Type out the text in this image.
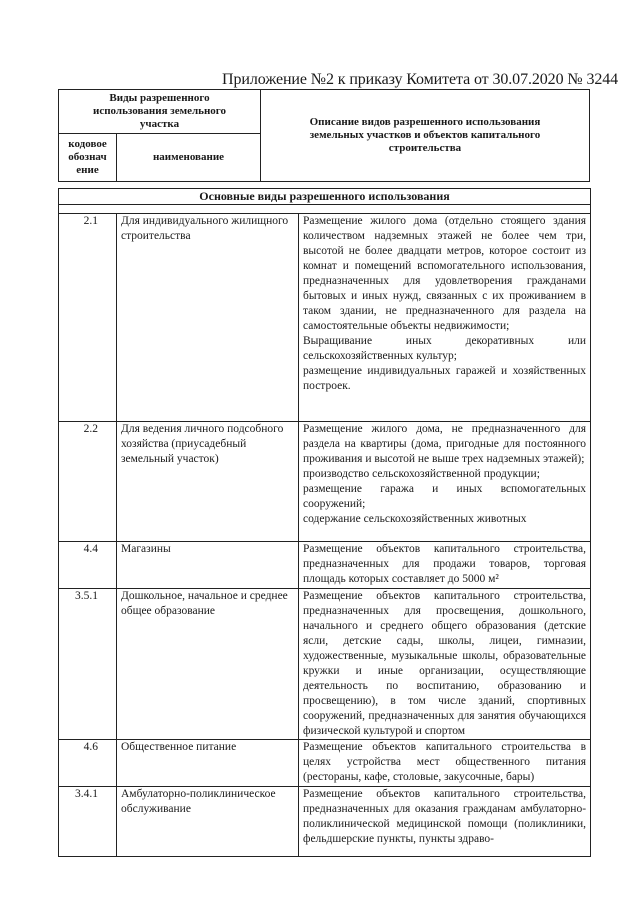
Приложение №2 к приказу Комитета от 30.07.2020 № 3244
Виды разрешенного использования земельного участка		Описание видов разрешенного использования земельных участков и объектов капитального строительства
кодовое обознач ение	наименование	
Основные виды разрешенного использования		

2.1	Для индивидуального жилищного строительства	Размещение жилого дома (отдельно стоящего здания количеством надземных этажей не более чем три, высотой не более двадцати метров, которое состоит из комнат и помещений вспомогательного использования, предназначенных для удовлетворения гражданами бытовых и иных нужд, связанных с их проживанием в таком здании, не предназначенного для раздела на самостоятельные объекты недвижимости;
Выращивание иных декоративных или сельскохозяйственных культур;
размещение индивидуальных гаражей и хозяйственных построек.

2.2	Для ведения личного подсобного хозяйства (приусадебный земельный участок)	Размещение жилого дома, не предназначенного для раздела на квартиры (дома, пригодные для постоянного проживания и высотой не выше трех надземных этажей);
производство сельскохозяйственной продукции;
размещение гаража и иных вспомогательных сооружений;
содержание сельскохозяйственных животных

4.4	Магазины	Размещение объектов капитального строительства, предназначенных для продажи товаров, торговая площадь которых составляет до 5000 м²

3.5.1	Дошкольное, начальное и среднее общее образование	Размещение объектов капитального строительства, предназначенных для просвещения, дошкольного, начального и среднего общего образования (детские ясли, детские сады, школы, лицеи, гимназии, художественные, музыкальные школы, образовательные кружки и иные организации, осуществляющие деятельность по воспитанию, образованию и просвещению), в том числе зданий, спортивных сооружений, предназначенных для занятия обучающихся физической культурой и спортом

4.6	Общественное питание	Размещение объектов капитального строительства в целях устройства мест общественного питания (рестораны, кафе, столовые, закусочные, бары)

3.4.1	Амбулаторно-поликлиническое обслуживание	Размещение объектов капитального строительства, предназначенных для оказания гражданам амбулаторно-поликлинической медицинской помощи (поликлиники, фельдшерские пункты, пункты здраво-
